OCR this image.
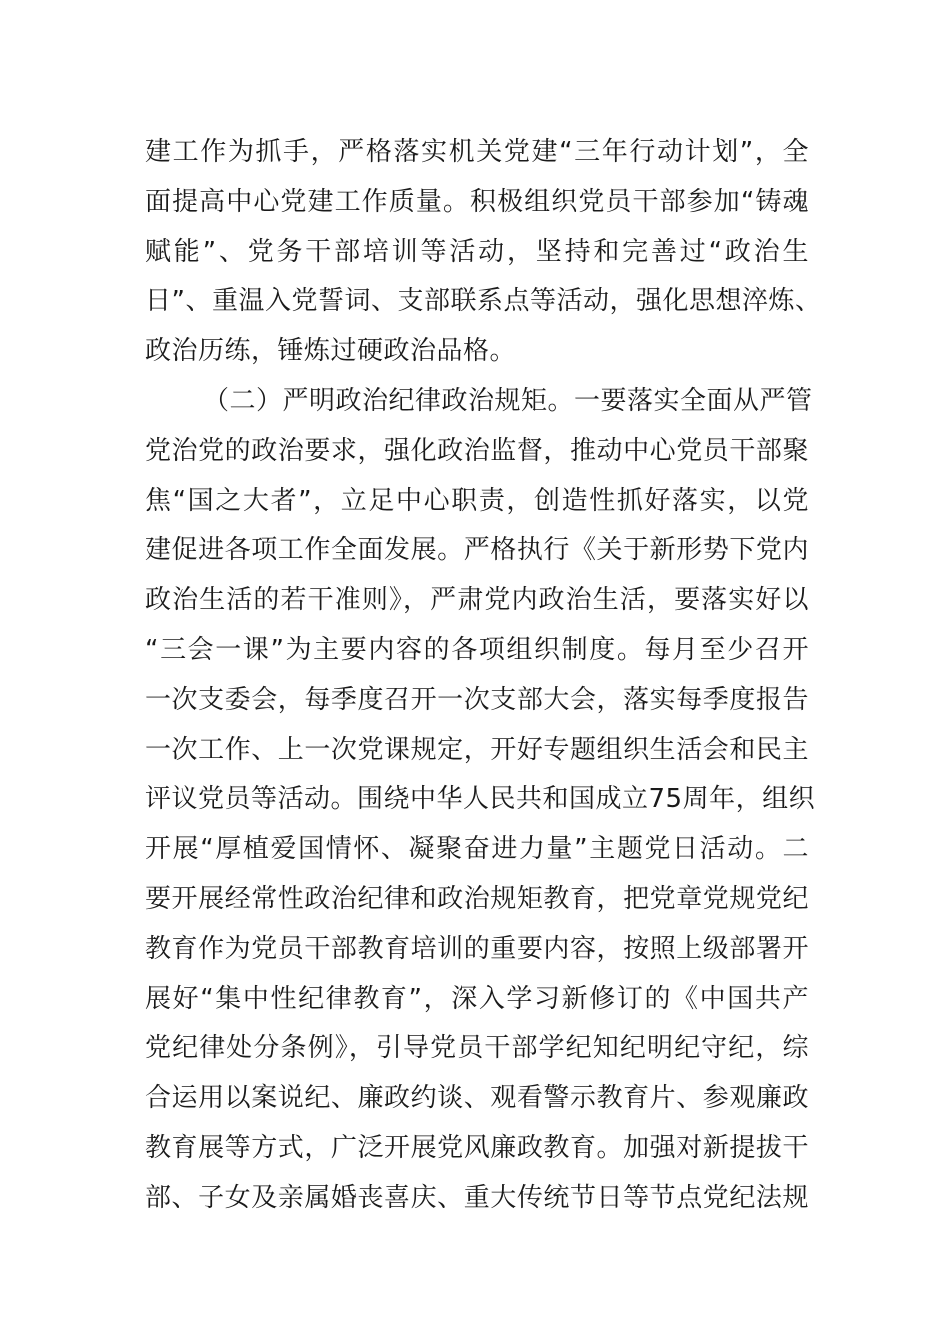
建工作为抓手，严格落实机关党建“三年行动计划”，全
面提高中心党建工作质量。积极组织党员干部参加“铸魂
赋能”、党务干部培训等活动，坚持和完善过“政治生
日”、重温入党誓词、支部联系点等活动，强化思想淬炼、
政治历练，锤炼过硬政治品格。
（二）严明政治纪律政治规矩。一要落实全面从严管
党治党的政治要求，强化政治监督，推动中心党员干部聚
焦“国之大者”，立足中心职责，创造性抓好落实，以党
建促进各项工作全面发展。严格执行《关于新形势下党内
政治生活的若干准则》，严肃党内政治生活，要落实好以
“三会一课”为主要内容的各项组织制度。每月至少召开
一次支委会，每季度召开一次支部大会，落实每季度报告
一次工作、上一次党课规定，开好专题组织生活会和民主
评议党员等活动。围绕中华人民共和国成立75周年，组织
开展“厚植爱国情怀、凝聚奋进力量”主题党日活动。二
要开展经常性政治纪律和政治规矩教育，把党章党规党纪
教育作为党员干部教育培训的重要内容，按照上级部署开
展好“集中性纪律教育”，深入学习新修订的《中国共产
党纪律处分条例》，引导党员干部学纪知纪明纪守纪，综
合运用以案说纪、廉政约谈、观看警示教育片、参观廉政
教育展等方式，广泛开展党风廉政教育。加强对新提拔干
部、子女及亲属婚丧喜庆、重大传统节日等节点党纪法规
